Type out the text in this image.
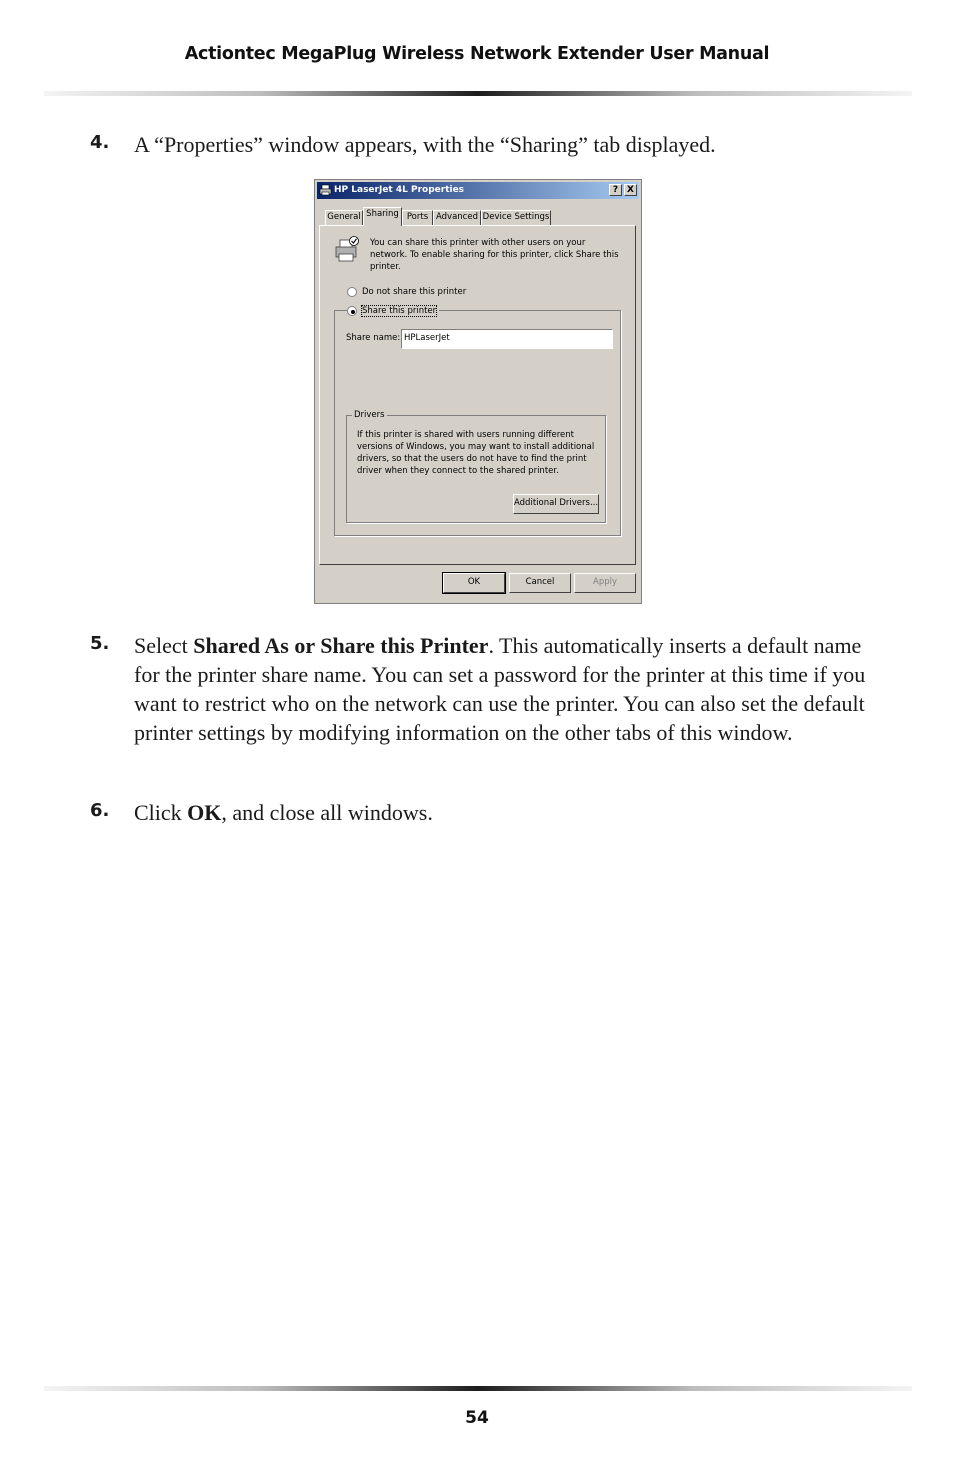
Actiontec MegaPlug Wireless Network Extender User Manual
4. A “Properties” window appears, with the “Sharing” tab displayed.
HP LaserJet 4L Properties	? X
General Sharing Ports Advanced Device Settings
You can share this printer with other users on your network. To enable sharing for this printer, click Share this printer.
Do not share this printer
Share name: HPLaserJet
Drivers
If this printer is shared with users running different versions of Windows, you may want to install additional drivers, so that the users do not have to find the print driver when they connect to the shared printer.
Additional Drivers...
Share this printer
OK	Cancel	Apply
5. Select Shared As or Share this Printer. This automatically inserts a default name for the printer share name. You can set a password for the printer at this time if you want to restrict who on the network can use the printer. You can also set the default printer settings by modifying information on the other tabs of this window.
6. Click OK, and close all windows.
54
